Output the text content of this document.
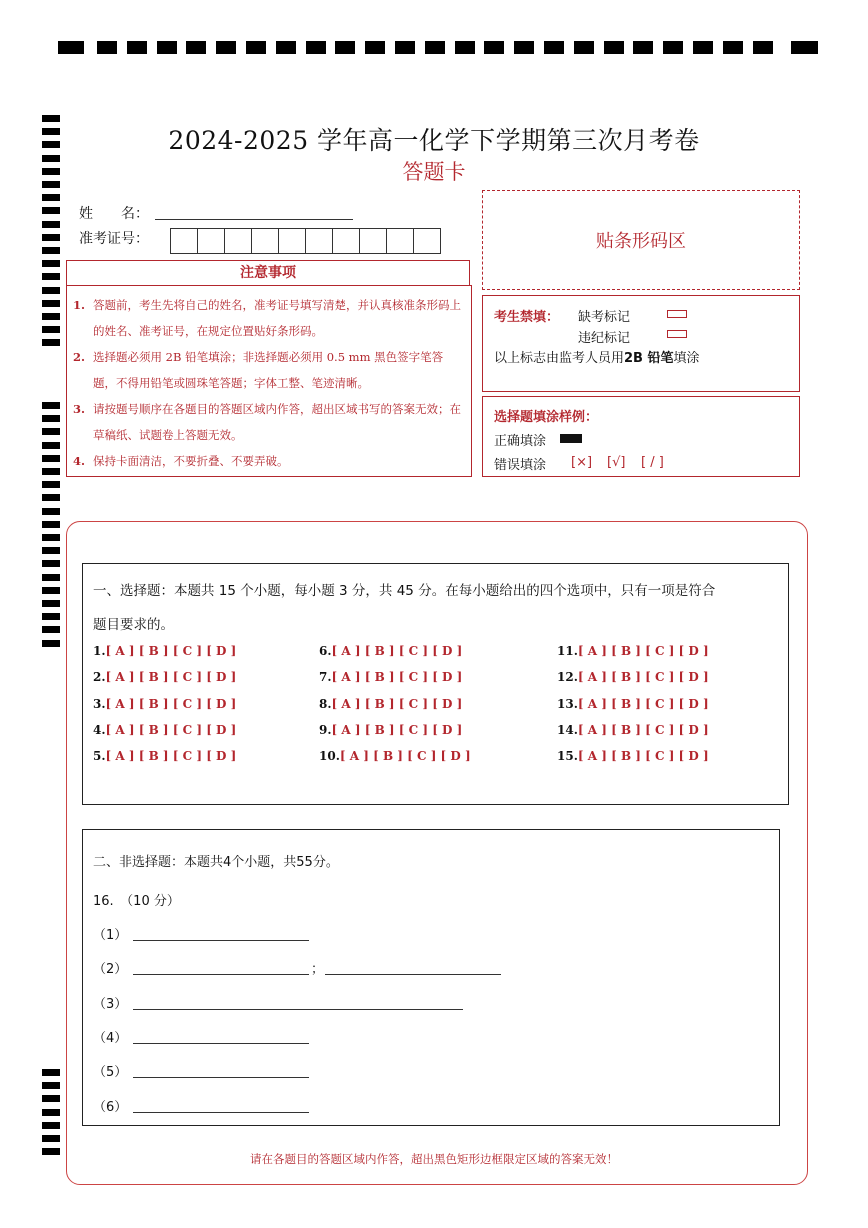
2024-2025 学年高一化学下学期第三次月考卷
答题卡
姓　　名：
准考证号：	贴条形码区
注意事项
1. 答题前，考生先将自己的姓名，准考证号填写清楚，并认真核准条形码上的姓名、准考证号，在规定位置贴好条形码。
2. 选择题必须用 2B 铅笔填涂；非选择题必须用 0.5 mm 黑色签字笔答题，不得用铅笔或圆珠笔答题；字体工整、笔迹清晰。
3. 请按题号顺序在各题目的答题区域内作答，超出区域书写的答案无效；在草稿纸、试题卷上答题无效。
4. 保持卡面清洁，不要折叠、不要弄破。
考生禁填： 缺考标记
违纪标记
以上标志由监考人员用2B 铅笔填涂
选择题填涂样例：
正确填涂
错误填涂 [×] [√] [ / ]
一、选择题：本题共 15 个小题，每小题 3 分，共 45 分。在每小题给出的四个选项中，只有一项是符合
题目要求的。
1.[ A ] [ B ] [ C ] [ D ]
2.[ A ] [ B ] [ C ] [ D ]
3.[ A ] [ B ] [ C ] [ D ]
4.[ A ] [ B ] [ C ] [ D ]
5.[ A ] [ B ] [ C ] [ D ]
6.[ A ] [ B ] [ C ] [ D ]
7.[ A ] [ B ] [ C ] [ D ]
8.[ A ] [ B ] [ C ] [ D ]
9.[ A ] [ B ] [ C ] [ D ]
10.[ A ] [ B ] [ C ] [ D ]
11.[ A ] [ B ] [ C ] [ D ]
12.[ A ] [ B ] [ C ] [ D ]
13.[ A ] [ B ] [ C ] [ D ]
14.[ A ] [ B ] [ C ] [ D ]
15.[ A ] [ B ] [ C ] [ D ]
二、非选择题：本题共4个小题，共55分。
16.　（10 分）
（1）
（2）	；
（3）
（4）
（5）
（6）
请在各题目的答题区域内作答，超出黑色矩形边框限定区域的答案无效！
